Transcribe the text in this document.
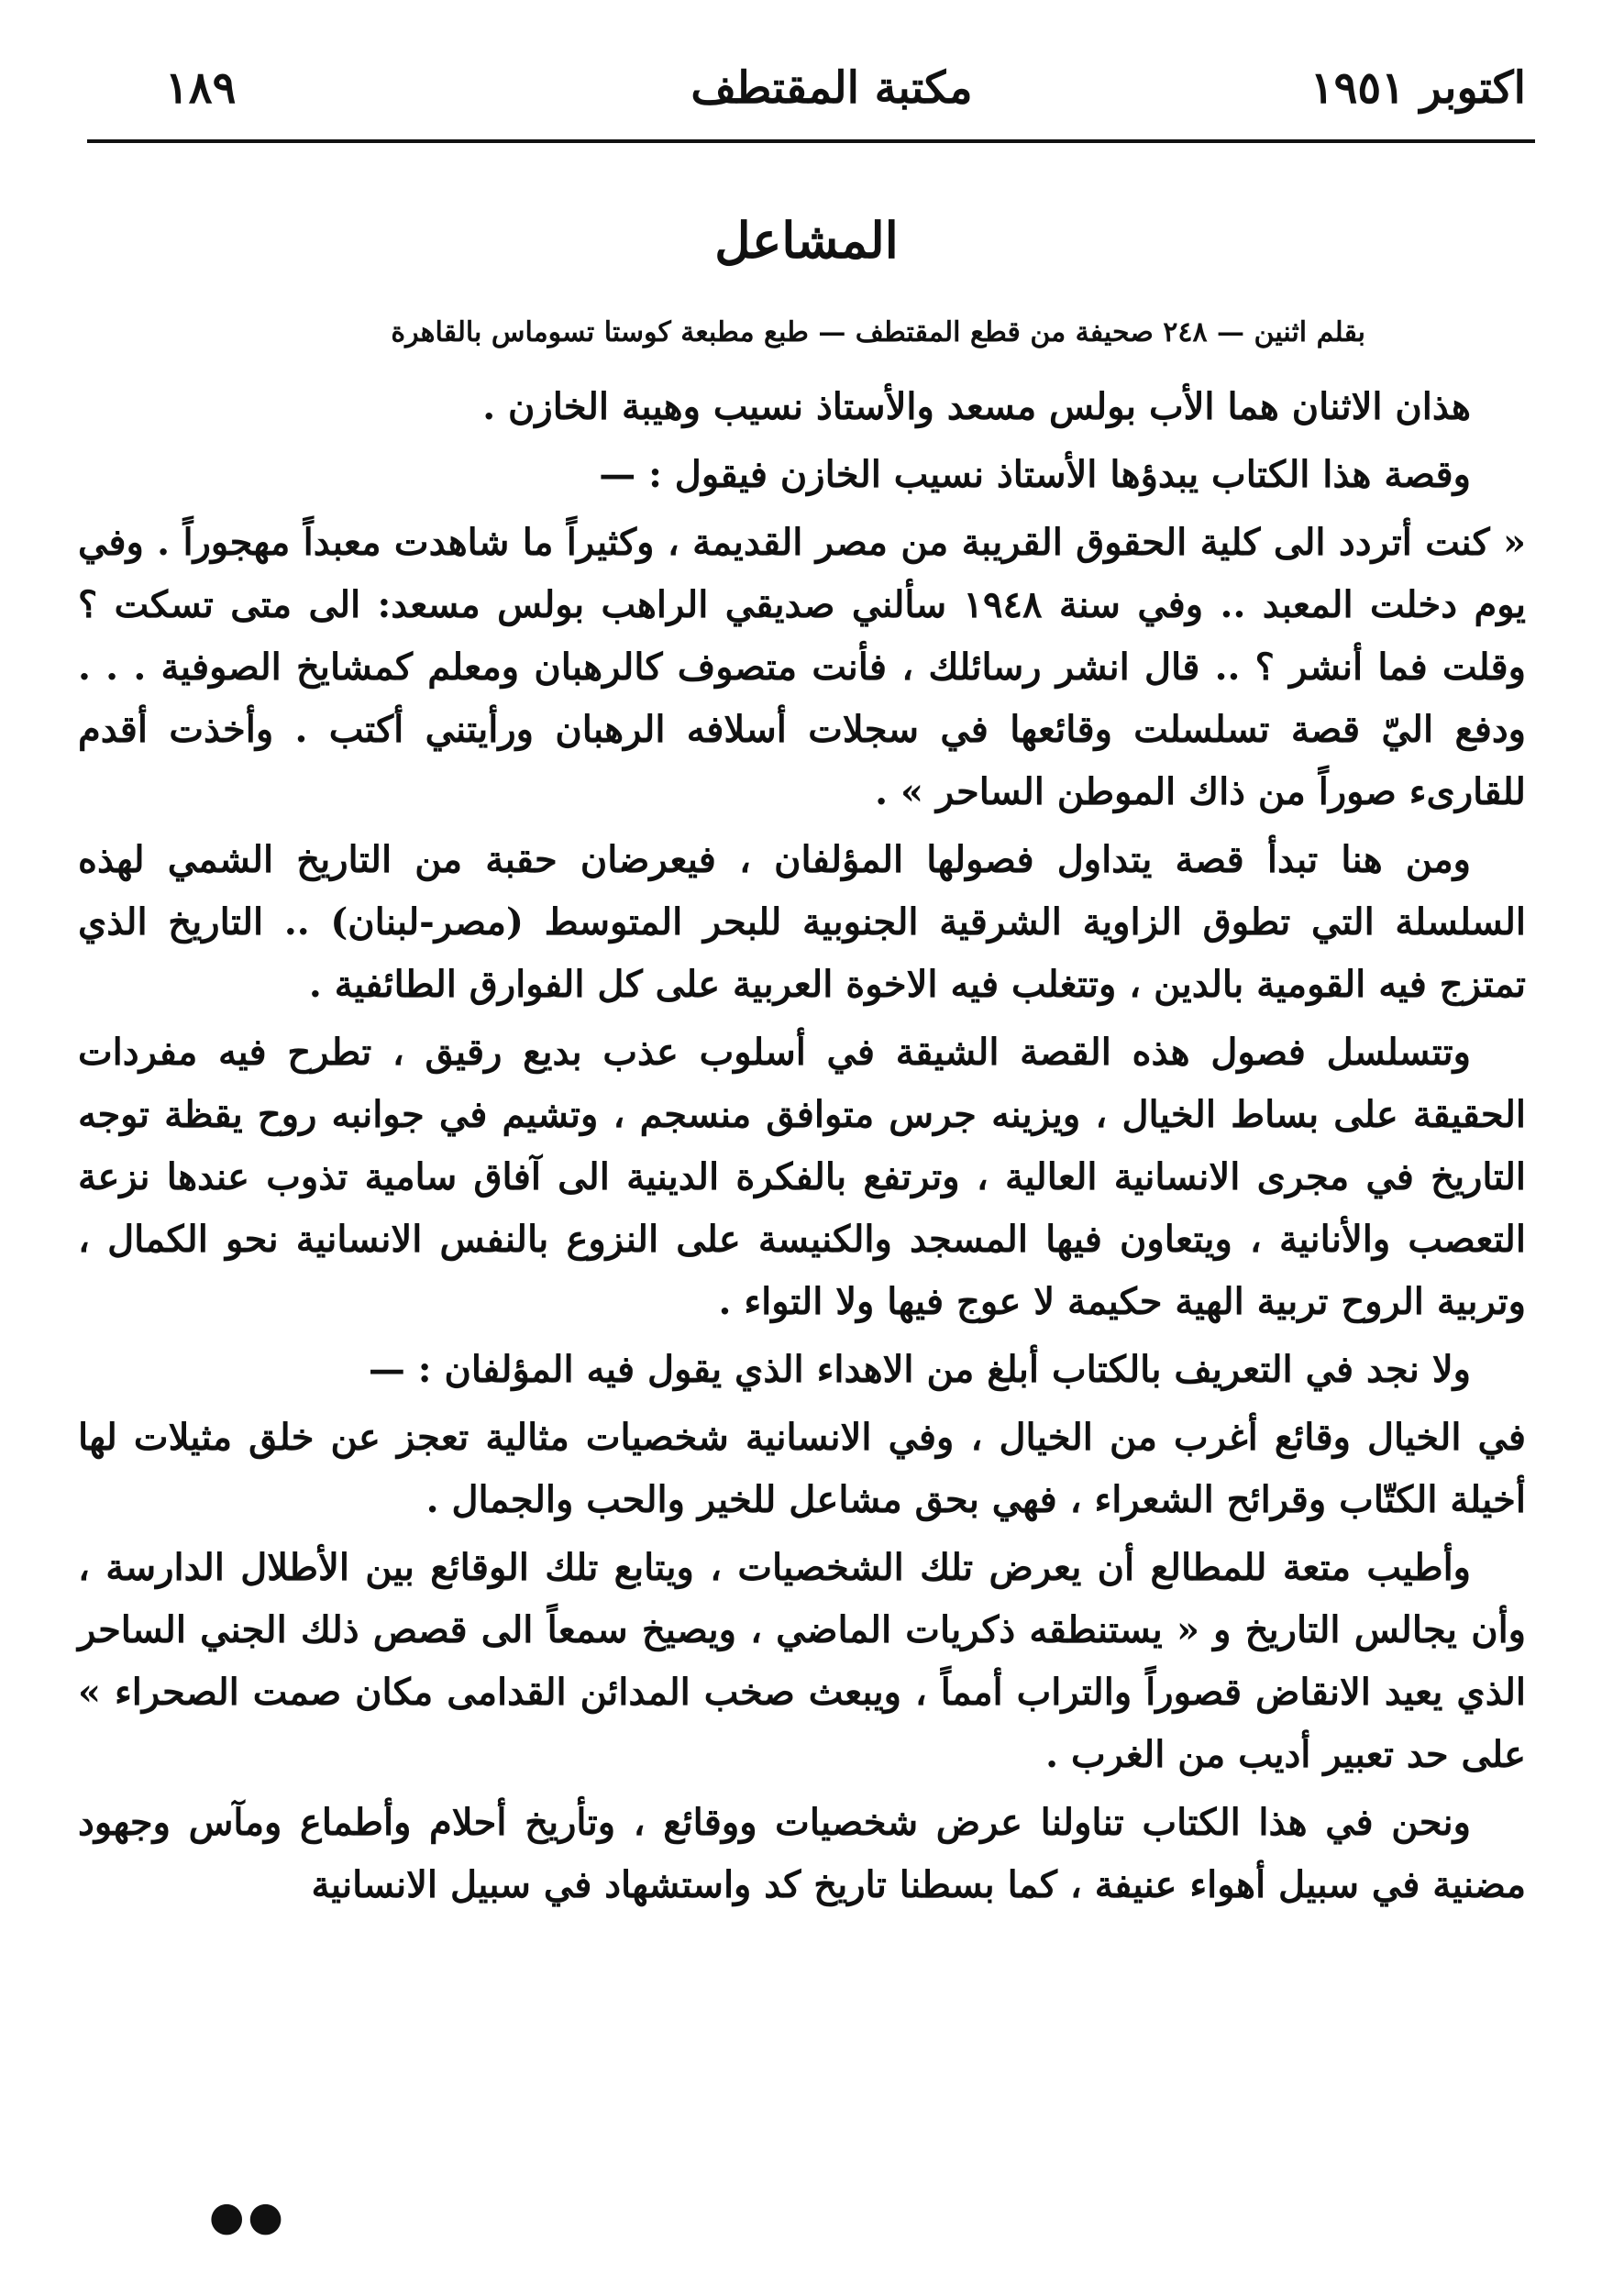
اكتوبر ١٩٥١
مكتبة المقتطف
١٨٩
المشاعل
بقلم اثنين — ٢٤٨ صحيفة من قطع المقتطف — طبع مطبعة كوستا تسوماس بالقاهرة

هذان الاثنان هما الأب بولس مسعد والأستاذ نسيب وهيبة الخازن .

وقصة هذا الكتاب يبدؤها الأستاذ نسيب الخازن فيقول : —

« كنت أتردد الى كلية الحقوق القريبة من مصر القديمة ، وكثيراً ما شاهدت معبداً مهجوراً . وفي يوم دخلت المعبد .. وفي سنة ١٩٤٨ سألني صديقي الراهب بولس مسعد: الى متى تسكت ؟ وقلت فما أنشر ؟ .. قال انشر رسائلك ، فأنت متصوف كالرهبان ومعلم كمشايخ الصوفية . . . ودفع اليّ قصة تسلسلت وقائعها في سجلات أسلافه الرهبان ورأيتني أكتب . وأخذت أقدم للقارىء صوراً من ذاك الموطن الساحر » .

ومن هنا تبدأ قصة يتداول فصولها المؤلفان ، فيعرضان حقبة من التاريخ الشمي لهذه السلسلة التي تطوق الزاوية الشرقية الجنوبية للبحر المتوسط (مصر-لبنان) .. التاريخ الذي تمتزج فيه القومية بالدين ، وتتغلب فيه الاخوة العربية على كل الفوارق الطائفية .

وتتسلسل فصول هذه القصة الشيقة في أسلوب عذب بديع رقيق ، تطرح فيه مفردات الحقيقة على بساط الخيال ، ويزينه جرس متوافق منسجم ، وتشيم في جوانبه روح يقظة توجه التاريخ في مجرى الانسانية العالية ، وترتفع بالفكرة الدينية الى آفاق سامية تذوب عندها نزعة التعصب والأنانية ، ويتعاون فيها المسجد والكنيسة على النزوع بالنفس الانسانية نحو الكمال ، وتربية الروح تربية الهية حكيمة لا عوج فيها ولا التواء .

ولا نجد في التعريف بالكتاب أبلغ من الاهداء الذي يقول فيه المؤلفان : —

في الخيال وقائع أغرب من الخيال ، وفي الانسانية شخصيات مثالية تعجز عن خلق مثيلات لها أخيلة الكتّاب وقرائح الشعراء ، فهي بحق مشاعل للخير والحب والجمال .

وأطيب متعة للمطالع أن يعرض تلك الشخصيات ، ويتابع تلك الوقائع بين الأطلال الدارسة ، وأن يجالس التاريخ و « يستنطقه ذكريات الماضي ، ويصيخ سمعاً الى قصص ذلك الجني الساحر الذي يعيد الانقاض قصوراً والتراب أمماً ، ويبعث صخب المدائن القدامى مكان صمت الصحراء » على حد تعبير أديب من الغرب .

ونحن في هذا الكتاب تناولنا عرض شخصيات ووقائع ، وتأريخ أحلام وأطماع ومآس وجهود مضنية في سبيل أهواء عنيفة ، كما بسطنا تاريخ كد واستشهاد في سبيل الانسانية

●●
